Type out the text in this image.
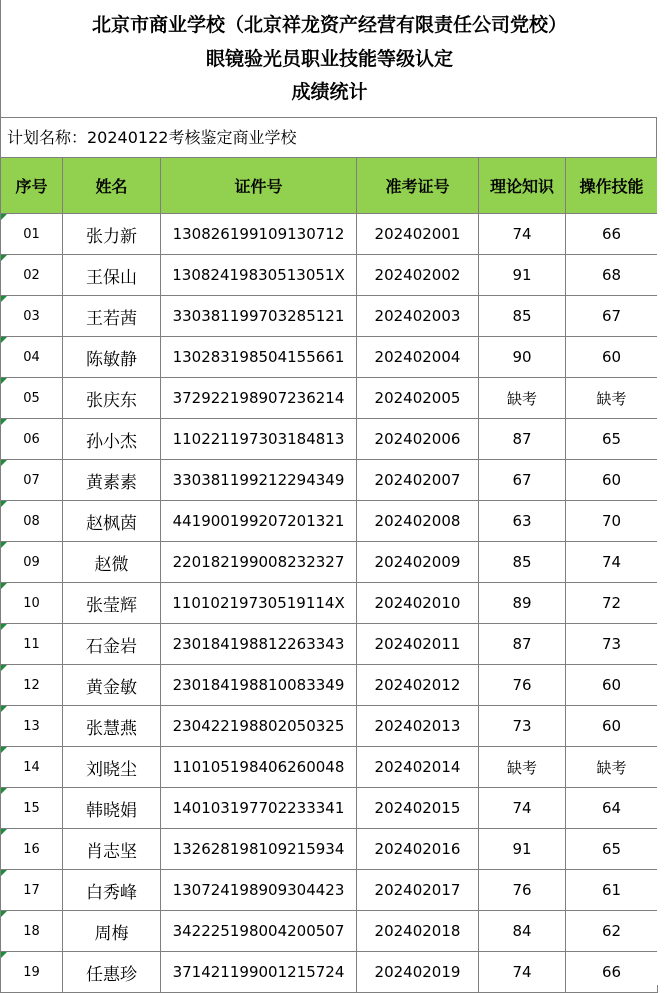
北京市商业学校（北京祥龙资产经营有限责任公司党校）
眼镜验光员职业技能等级认定
成绩统计
计划名称：20240122考核鉴定商业学校
序号	姓名	证件号	准考证号	理论知识	操作技能
01	张力新	130826199109130712	202402001	74	66
02	王保山	13082419830513051X	202402002	91	68
03	王若茜	330381199703285121	202402003	85	67
04	陈敏静	130283198504155661	202402004	90	60
05	张庆东	372922198907236214	202402005	缺考	缺考
06	孙小杰	110221197303184813	202402006	87	65
07	黄素素	330381199212294349	202402007	67	60
08	赵枫茵	441900199207201321	202402008	63	70
09	赵微	220182199008232327	202402009	85	74
10	张莹辉	11010219730519114X	202402010	89	72
11	石金岩	230184198812263343	202402011	87	73
12	黄金敏	230184198810083349	202402012	76	60
13	张慧燕	230422198802050325	202402013	73	60
14	刘晓尘	110105198406260048	202402014	缺考	缺考
15	韩晓娟	140103197702233341	202402015	74	64
16	肖志坚	132628198109215934	202402016	91	65
17	白秀峰	130724198909304423	202402017	76	61
18	周梅	342225198004200507	202402018	84	62
19	任惠珍	371421199001215724	202402019	74	66
